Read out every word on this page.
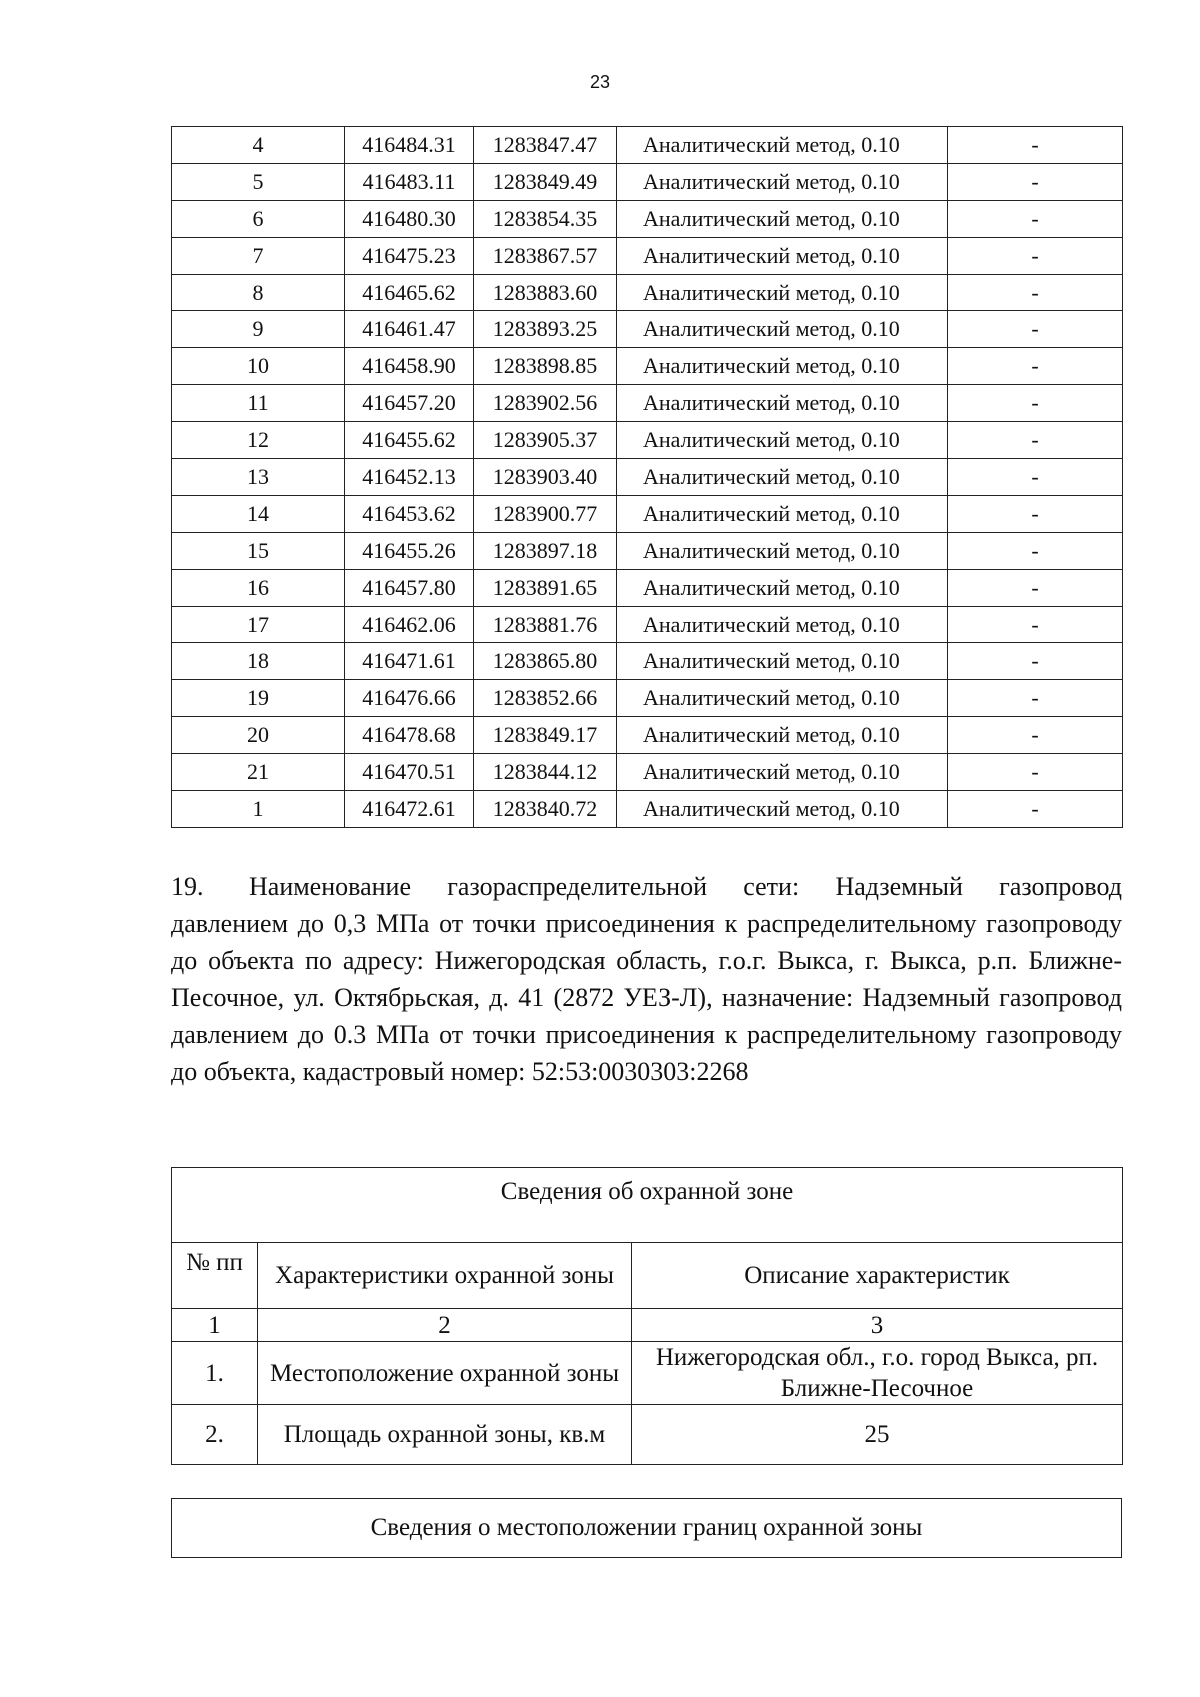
23
4	416484.31	1283847.47	Аналитический метод, 0.10	-
5	416483.11	1283849.49	Аналитический метод, 0.10	-
6	416480.30	1283854.35	Аналитический метод, 0.10	-
7	416475.23	1283867.57	Аналитический метод, 0.10	-
8	416465.62	1283883.60	Аналитический метод, 0.10	-
9	416461.47	1283893.25	Аналитический метод, 0.10	-
10	416458.90	1283898.85	Аналитический метод, 0.10	-
11	416457.20	1283902.56	Аналитический метод, 0.10	-
12	416455.62	1283905.37	Аналитический метод, 0.10	-
13	416452.13	1283903.40	Аналитический метод, 0.10	-
14	416453.62	1283900.77	Аналитический метод, 0.10	-
15	416455.26	1283897.18	Аналитический метод, 0.10	-
16	416457.80	1283891.65	Аналитический метод, 0.10	-
17	416462.06	1283881.76	Аналитический метод, 0.10	-
18	416471.61	1283865.80	Аналитический метод, 0.10	-
19	416476.66	1283852.66	Аналитический метод, 0.10	-
20	416478.68	1283849.17	Аналитический метод, 0.10	-
21	416470.51	1283844.12	Аналитический метод, 0.10	-
1	416472.61	1283840.72	Аналитический метод, 0.10	-
19. Наименование газораспределительной сети: Надземный газопровод давлением до 0,3 МПа от точки присоединения к распределительному газопроводу до объекта по адресу: Нижегородская область, г.о.г. Выкса, г. Выкса, р.п. Ближне-Песочное, ул. Октябрьская, д. 41 (2872 УЕЗ-Л), назначение: Надземный газопровод давлением до 0.3 МПа от точки присоединения к распределительному газопроводу до объекта, кадастровый номер: 52:53:0030303:2268
Сведения об охранной зоне		
№ пп	Характеристики охранной зоны	Описание характеристик
1	2	3
1.	Местоположение охранной зоны	Нижегородская обл., г.о. город Выкса, рп. Ближне-Песочное
2.	Площадь охранной зоны, кв.м	25
Сведения о местоположении границ охранной зоны
